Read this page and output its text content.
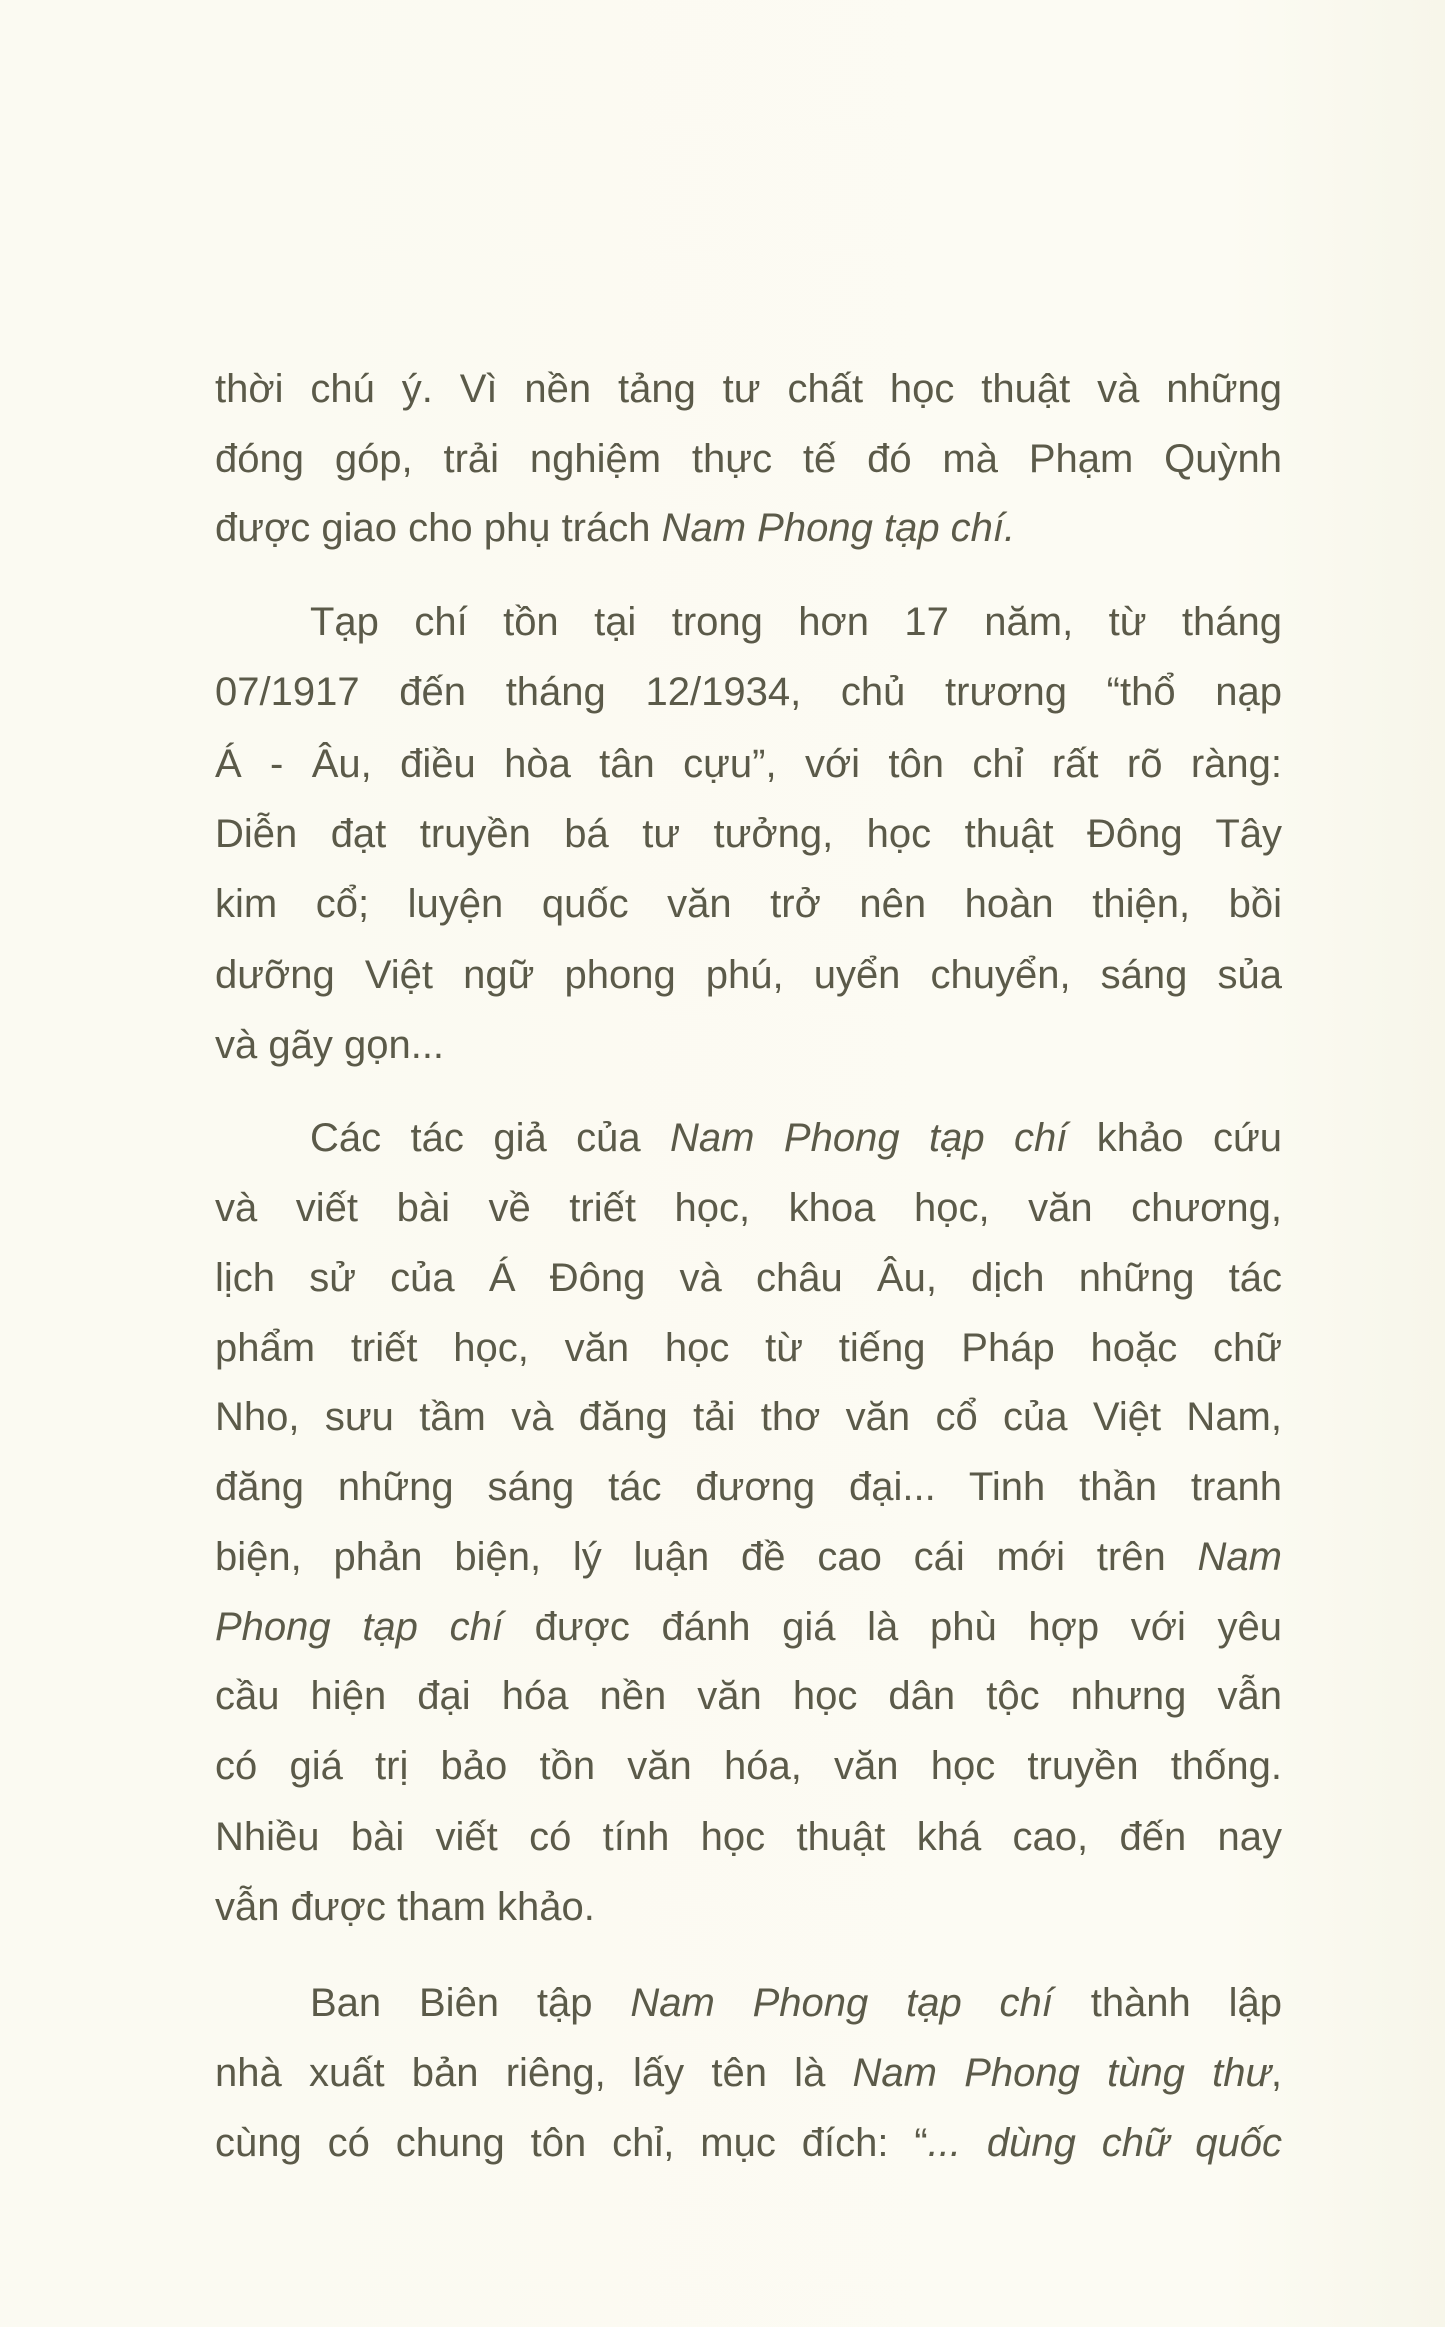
thời chú ý. Vì nền tảng tư chất học thuật và những
đóng góp, trải nghiệm thực tế đó mà Phạm Quỳnh
được giao cho phụ trách Nam Phong tạp chí.
Tạp chí tồn tại trong hơn 17 năm, từ tháng
07/1917 đến tháng 12/1934, chủ trương “thổ nạp
Á - Âu, điều hòa tân cựu”, với tôn chỉ rất rõ ràng:
Diễn đạt truyền bá tư tưởng, học thuật Đông Tây
kim cổ; luyện quốc văn trở nên hoàn thiện, bồi
dưỡng Việt ngữ phong phú, uyển chuyển, sáng sủa
và gãy gọn...
Các tác giả của Nam Phong tạp chí khảo cứu
và viết bài về triết học, khoa học, văn chương,
lịch sử của Á Đông và châu Âu, dịch những tác
phẩm triết học, văn học từ tiếng Pháp hoặc chữ
Nho, sưu tầm và đăng tải thơ văn cổ của Việt Nam,
đăng những sáng tác đương đại... Tinh thần tranh
biện, phản biện, lý luận đề cao cái mới trên Nam
Phong tạp chí được đánh giá là phù hợp với yêu
cầu hiện đại hóa nền văn học dân tộc nhưng vẫn
có giá trị bảo tồn văn hóa, văn học truyền thống.
Nhiều bài viết có tính học thuật khá cao, đến nay
vẫn được tham khảo.
Ban Biên tập Nam Phong tạp chí thành lập
nhà xuất bản riêng, lấy tên là Nam Phong tùng thư,
cùng có chung tôn chỉ, mục đích: “... dùng chữ quốc
